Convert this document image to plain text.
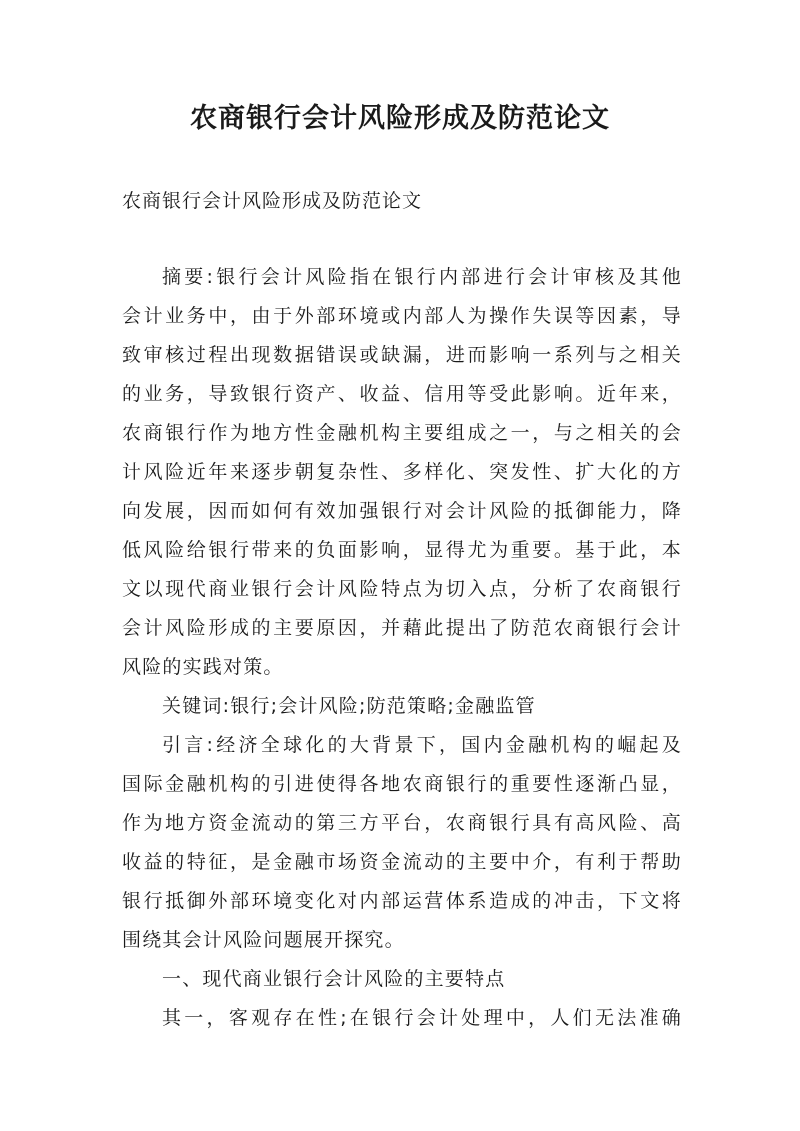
农商银行会计风险形成及防范论文

农商银行会计风险形成及防范论文

摘要:银行会计风险指在银行内部进行会计审核及其他

会计业务中，由于外部环境或内部人为操作失误等因素，导

致审核过程出现数据错误或缺漏，进而影响一系列与之相关

的业务，导致银行资产、收益、信用等受此影响。近年来，

农商银行作为地方性金融机构主要组成之一，与之相关的会

计风险近年来逐步朝复杂性、多样化、突发性、扩大化的方

向发展，因而如何有效加强银行对会计风险的抵御能力，降

低风险给银行带来的负面影响，显得尤为重要。基于此，本

文以现代商业银行会计风险特点为切入点，分析了农商银行

会计风险形成的主要原因，并藉此提出了防范农商银行会计

风险的实践对策。

关键词:银行;会计风险;防范策略;金融监管

引言:经济全球化的大背景下，国内金融机构的崛起及

国际金融机构的引进使得各地农商银行的重要性逐渐凸显，

作为地方资金流动的第三方平台，农商银行具有高风险、高

收益的特征，是金融市场资金流动的主要中介，有利于帮助

银行抵御外部环境变化对内部运营体系造成的冲击，下文将

围绕其会计风险问题展开探究。

一、现代商业银行会计风险的主要特点

其一，客观存在性;在银行会计处理中，人们无法准确
